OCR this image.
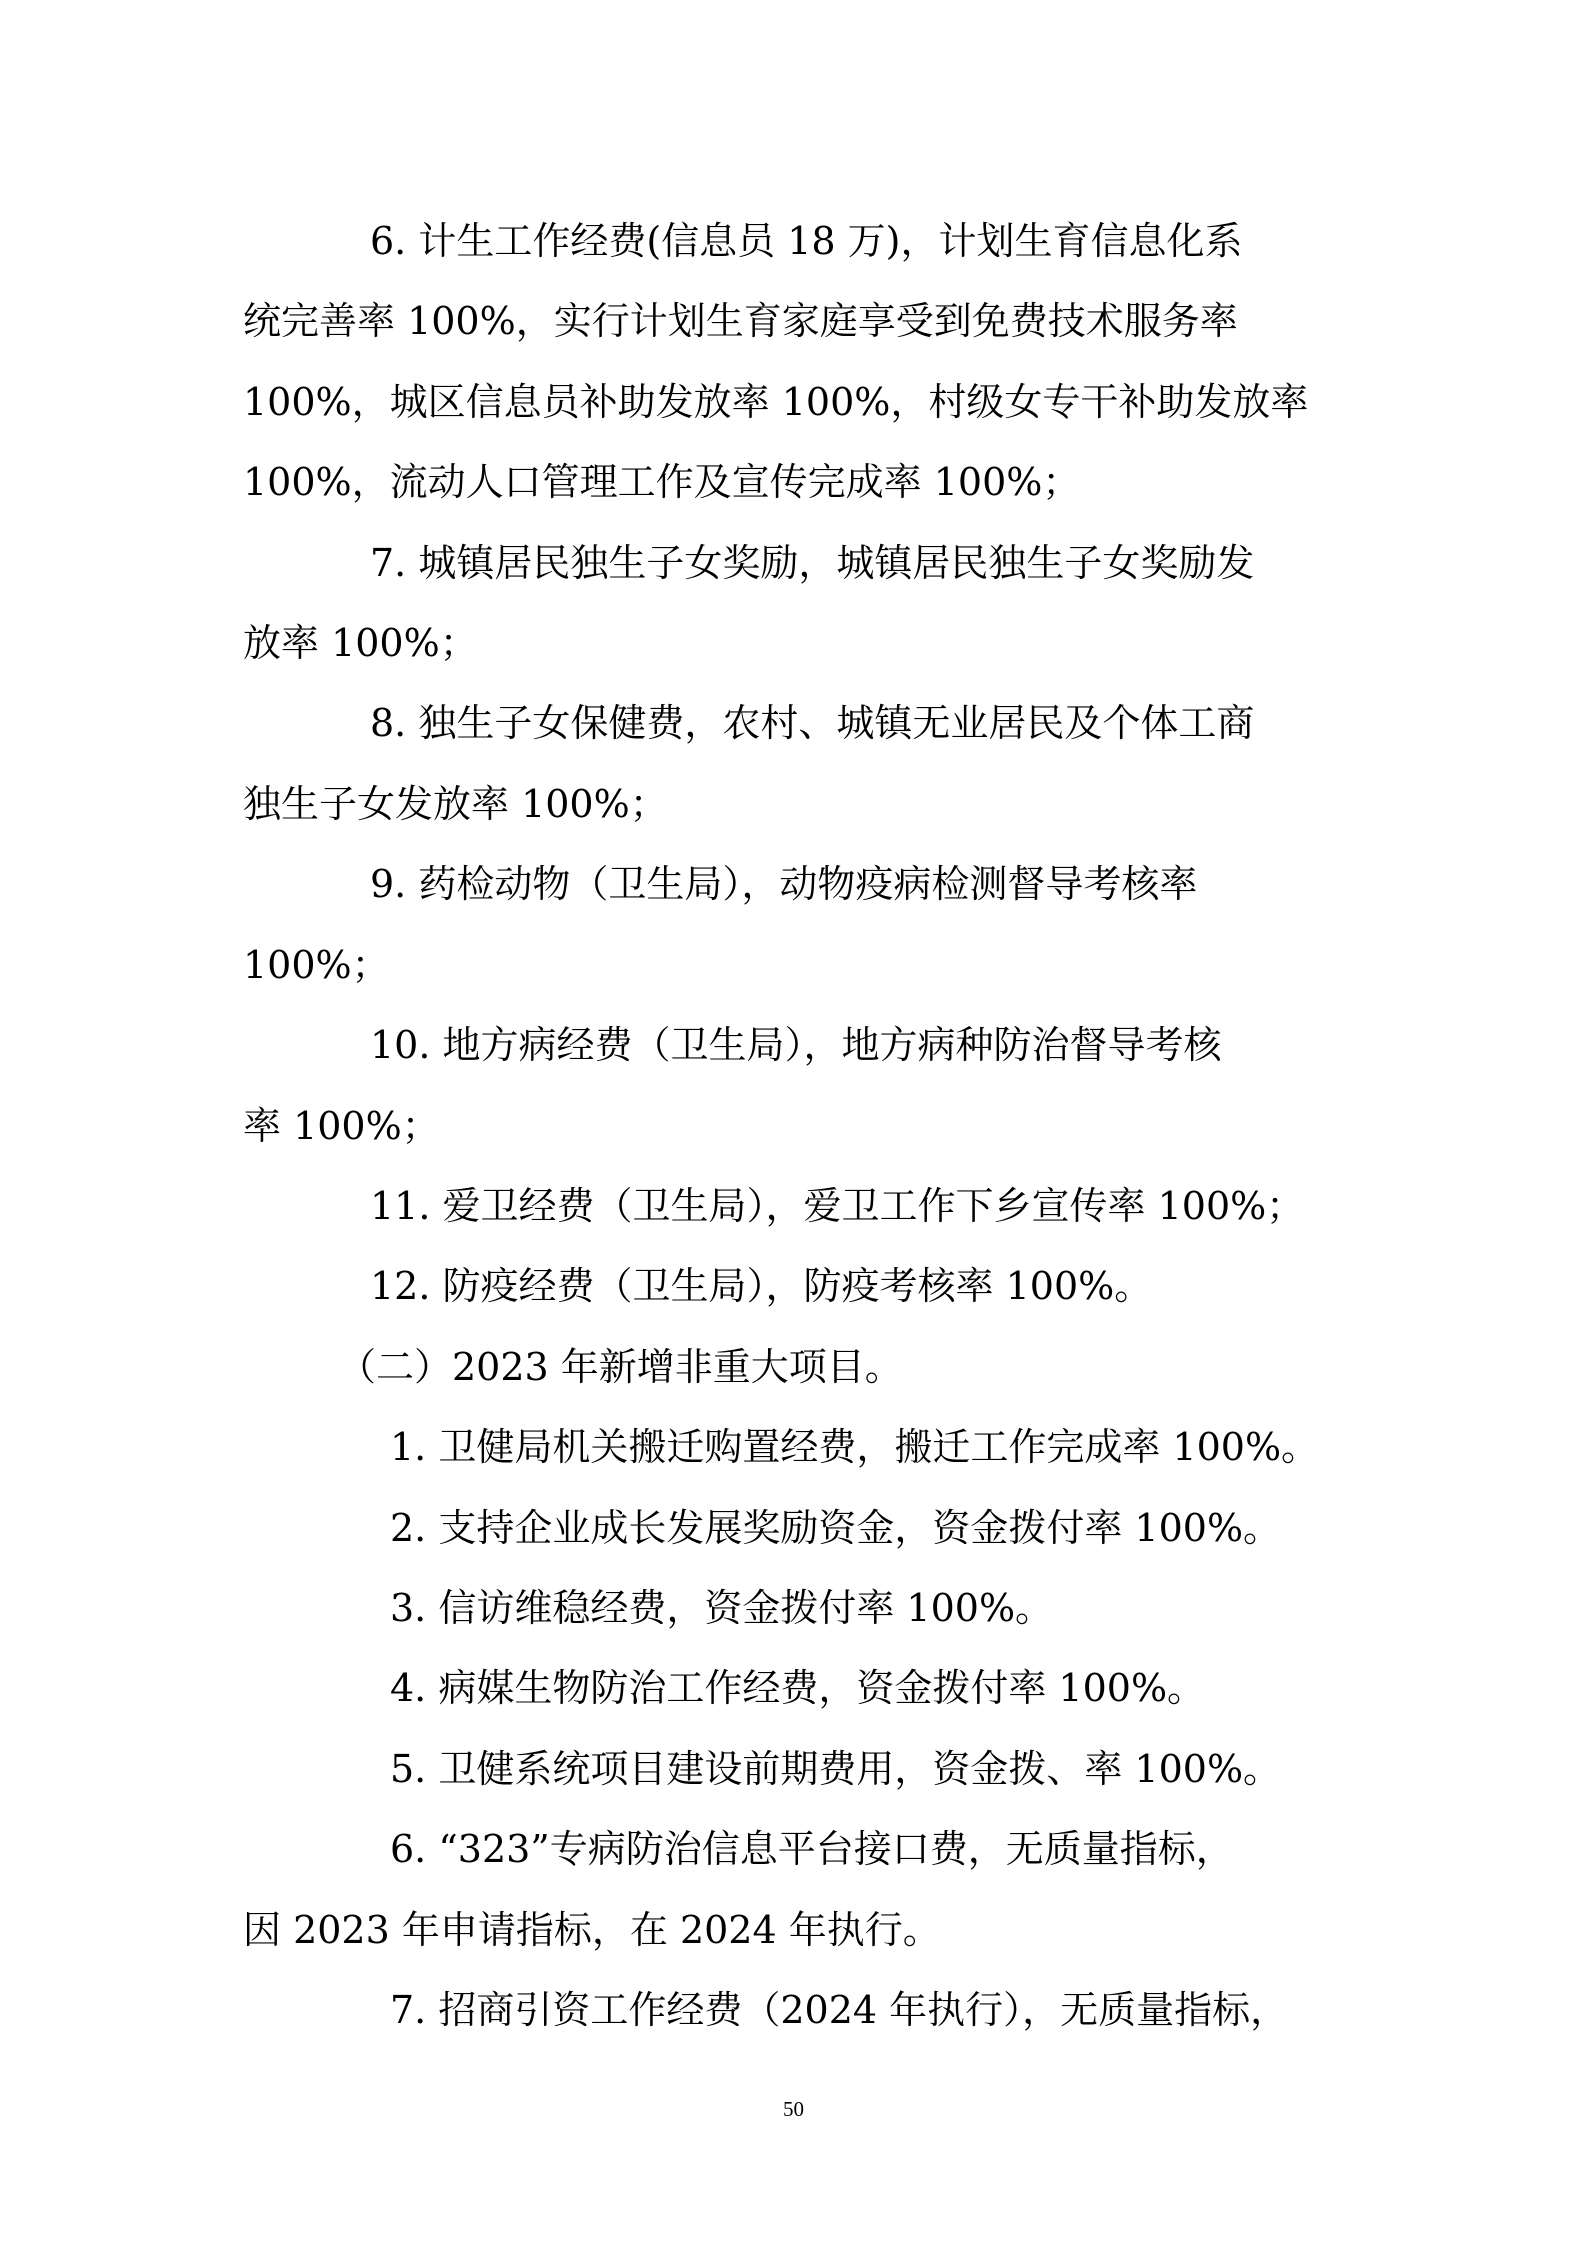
6. 计生工作经费(信息员 18 万)，计划生育信息化系
统完善率 100%，实行计划生育家庭享受到免费技术服务率
100%，城区信息员补助发放率 100%，村级女专干补助发放率
100%，流动人口管理工作及宣传完成率 100%；
7. 城镇居民独生子女奖励，城镇居民独生子女奖励发
放率 100%；
8. 独生子女保健费，农村、城镇无业居民及个体工商
独生子女发放率 100%；
9. 药检动物（卫生局），动物疫病检测督导考核率
100%；
10. 地方病经费（卫生局），地方病种防治督导考核
率 100%；
11. 爱卫经费（卫生局），爱卫工作下乡宣传率 100%；
12. 防疫经费（卫生局），防疫考核率 100%。
（二）2023 年新增非重大项目。
1. 卫健局机关搬迁购置经费，搬迁工作完成率 100%。
2. 支持企业成长发展奖励资金，资金拨付率 100%。
3. 信访维稳经费，资金拨付率 100%。
4. 病媒生物防治工作经费，资金拨付率 100%。
5. 卫健系统项目建设前期费用，资金拨、率 100%。
6. “323”专病防治信息平台接口费，无质量指标，
因 2023 年申请指标，在 2024 年执行。
7. 招商引资工作经费（2024 年执行），无质量指标，
50
